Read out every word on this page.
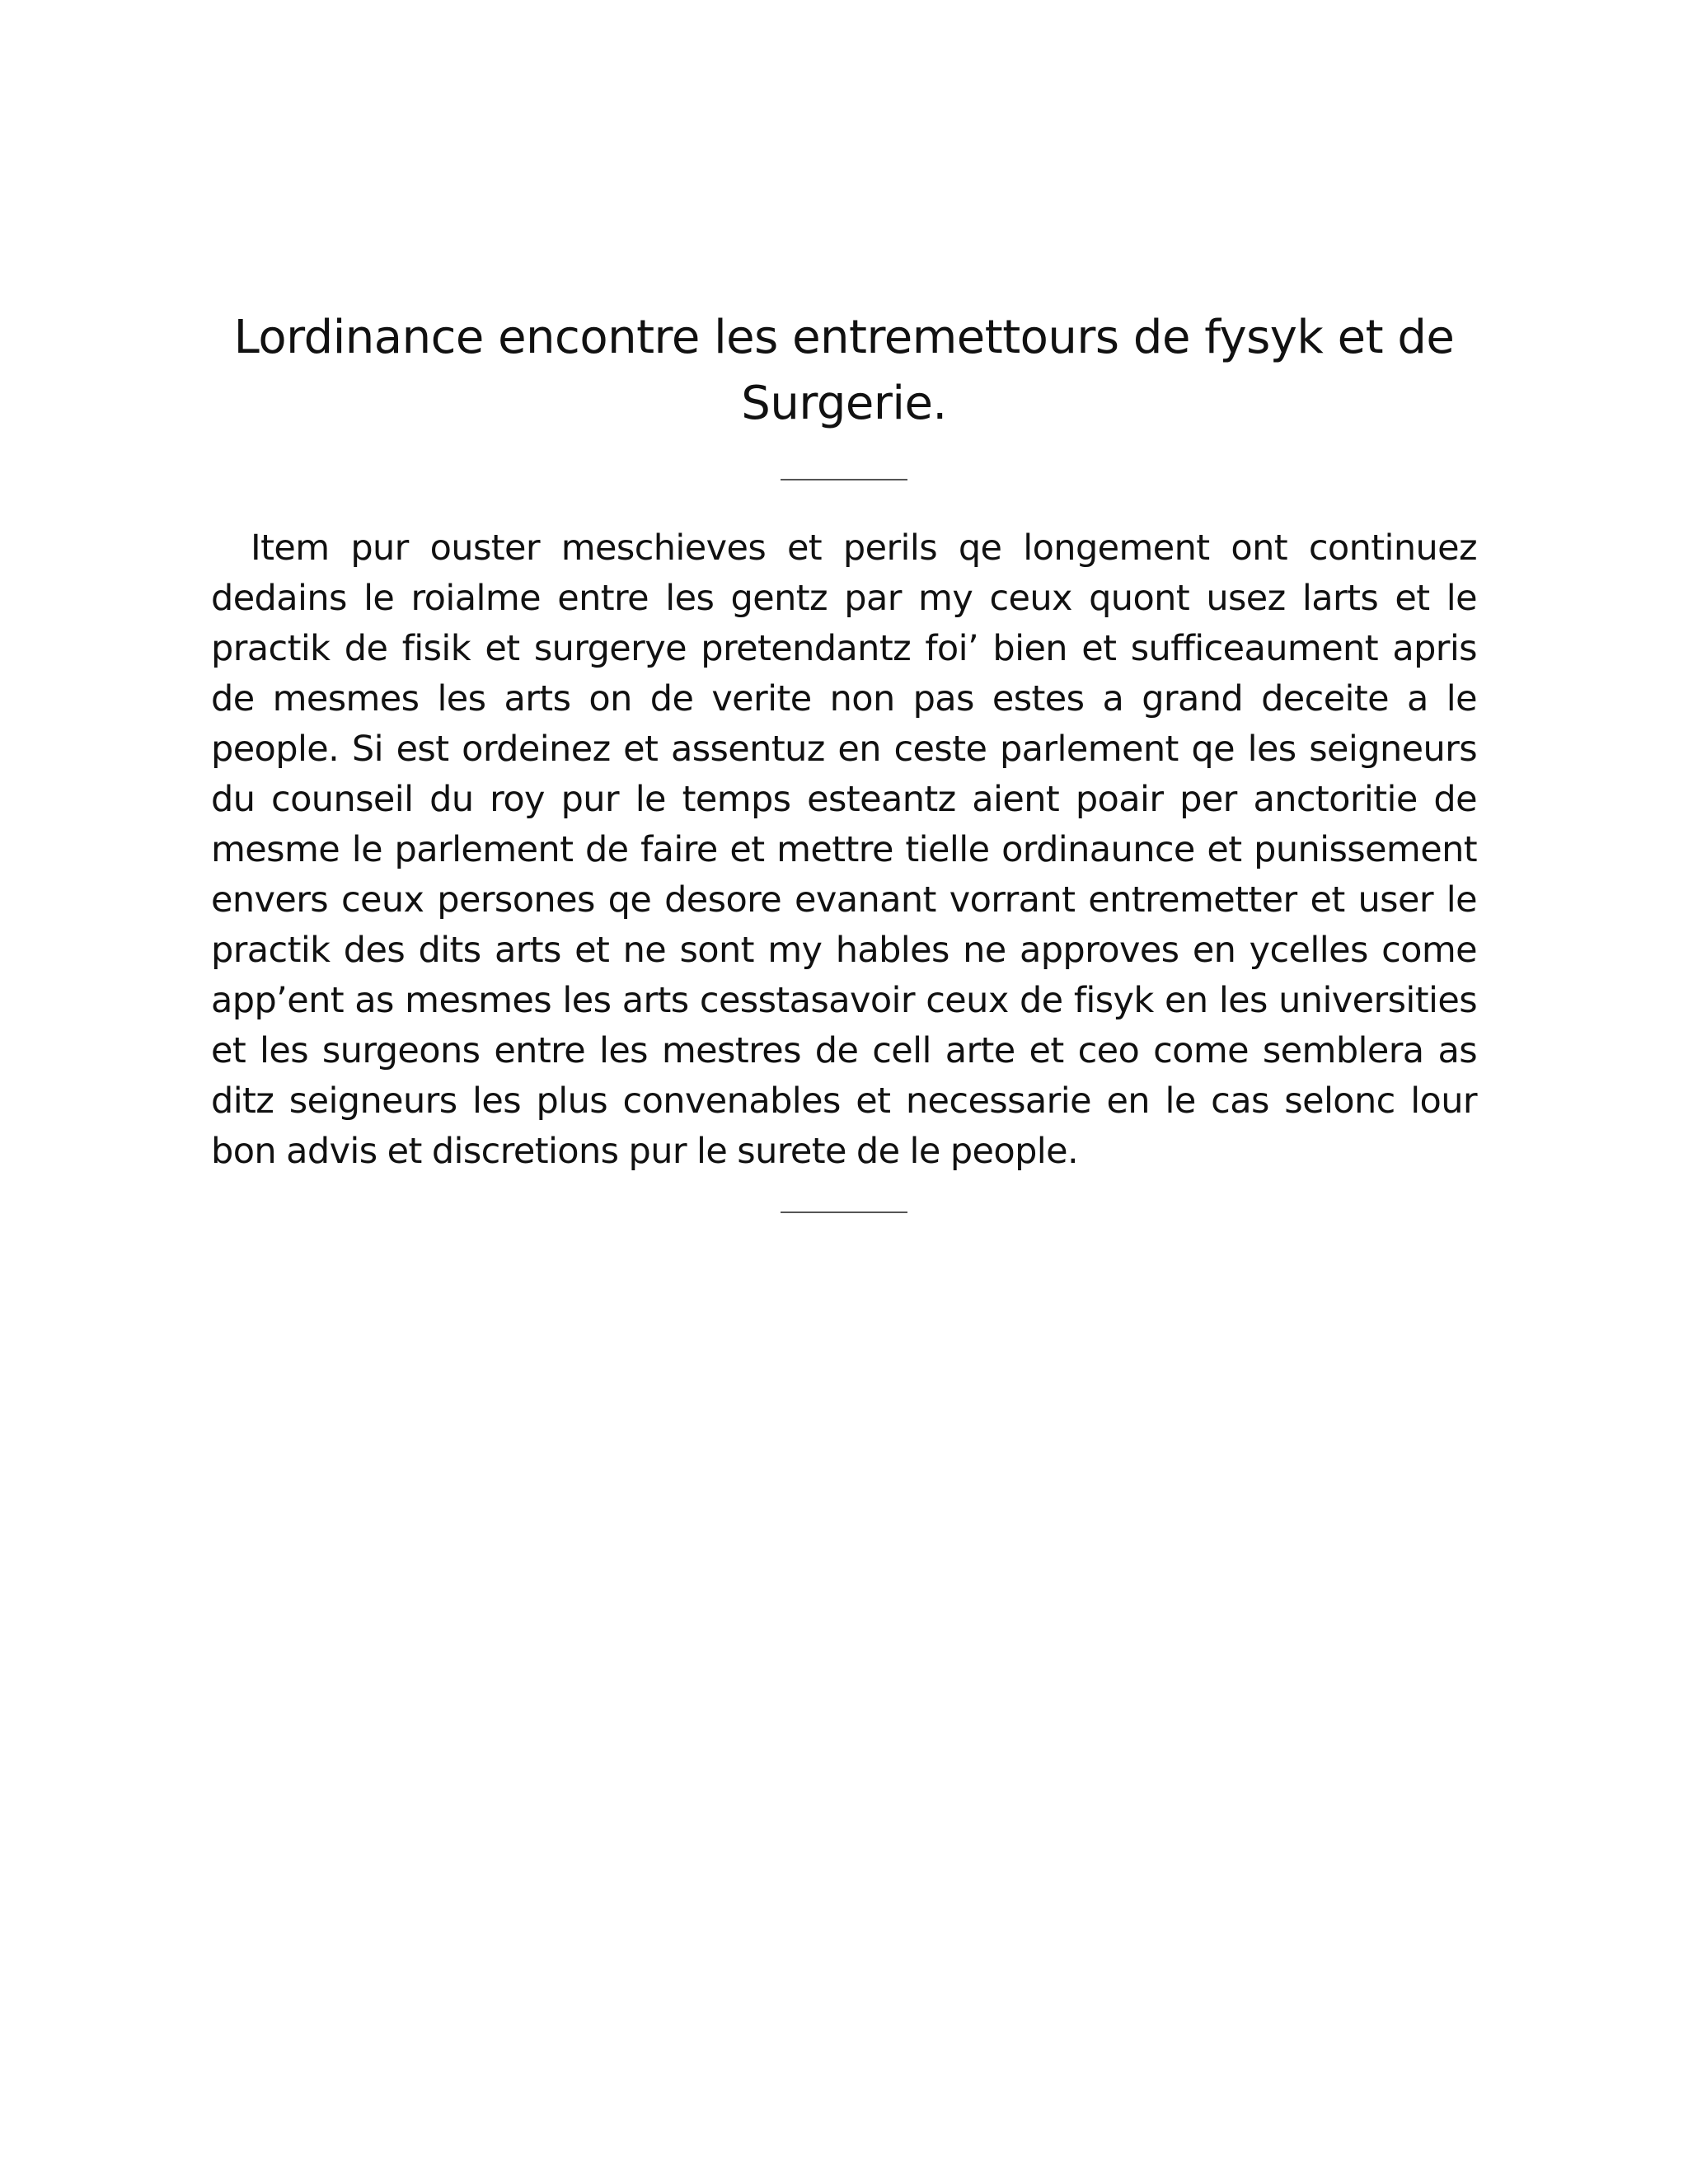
Lordinance encontre les entremettours de fysyk et de Surgerie.

Item pur ouster meschieves et perils qe longement ont continuez dedains le roialme entre les gentz par my ceux quont usez larts et le practik de fisik et surgerye pretendantz foi’ bien et sufficeaument apris de mesmes les arts on de verite non pas estes a grand deceite a le people. Si est ordeinez et assentuz en ceste parlement qe les seigneurs du counseil du roy pur le temps esteantz aient poair per anctoritie de mesme le parlement de faire et mettre tielle ordinaunce et punissement envers ceux persones qe desore evanant vorrant entremetter et user le practik des dits arts et ne sont my hables ne approves en ycelles come app’ent as mesmes les arts cesstasavoir ceux de fisyk en les universities et les surgeons entre les mestres de cell arte et ceo come semblera as ditz seigneurs les plus convenables et necessarie en le cas selonc lour bon advis et discretions pur le surete de le people.
